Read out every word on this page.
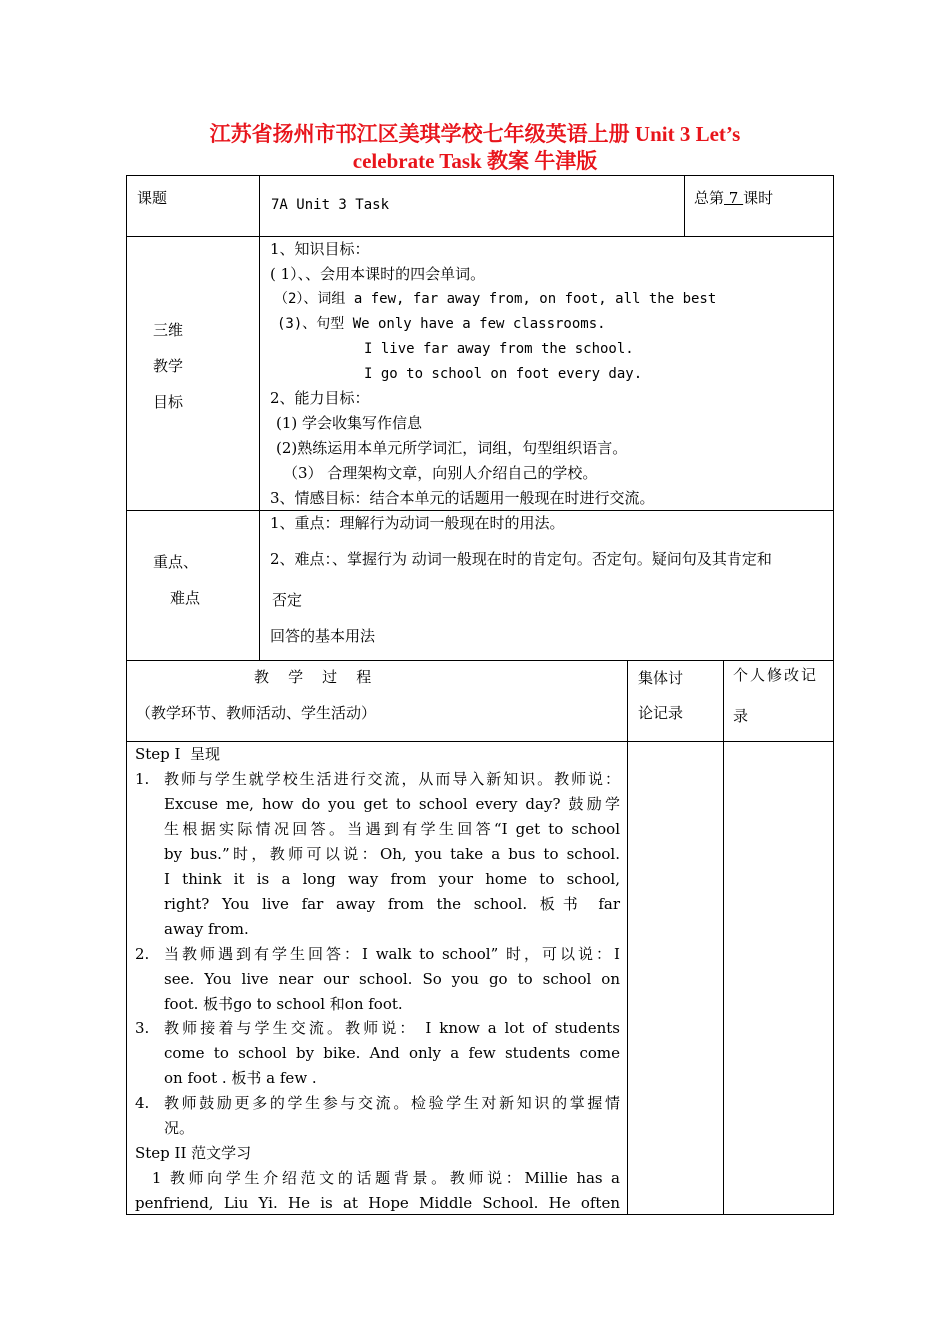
江苏省扬州市邗江区美琪学校七年级英语上册 Unit 3 Let’s
celebrate Task 教案 牛津版
课题	7A Unit 3 Task	总第 7 课时
三维
教学
目标
1、知识目标：
( 1）、、会用本课时的四会单词。
（2）、词组 a few, far away from, on foot, all the best
(3)、句型 We only have a few classrooms.
I live far away from the school.
I go to school on foot every day.
2、能力目标：
(1) 学会收集写作信息
(2)熟练运用本单元所学词汇，词组，句型组织语言。
（3） 合理架构文章，向别人介绍自己的学校。
3、情感目标：结合本单元的话题用一般现在时进行交流。
重点、
难点
1、重点：理解行为动词一般现在时的用法。
2、难点：、掌握行为 动词一般现在时的肯定句。否定句。疑问句及其肯定和
否定
回答的基本用法
教    学    过    程
（教学环节、教师活动、学生活动）
集体讨
论记录
个人修改记
录
Step I  呈现
1. 教师与学生就学校生活进行交流，从而导入新知识。教师说：
Excuse me, how do you get to school every day? 鼓励学
生根据实际情况回答。当遇到有学生回答“I get to school
by bus.”时，教师可以说：Oh, you take a bus to school.
I think it is a long way from your home to school,
right? You live far away from the school. 板书 far
away from.
2. 当教师遇到有学生回答：I walk to school” 时，可以说：I
see. You live near our school. So you go to school on
foot. 板书go to school 和on foot.
3. 教师接着与学生交流。教师说： I know a lot of students
come to school by bike. And only a few students come
on foot . 板书 a few .
4. 教师鼓励更多的学生参与交流。检验学生对新知识的掌握情
况。
Step II 范文学习
1 教师向学生介绍范文的话题背景。教师说：Millie has a
penfriend, Liu Yi. He is at Hope Middle School. He often
